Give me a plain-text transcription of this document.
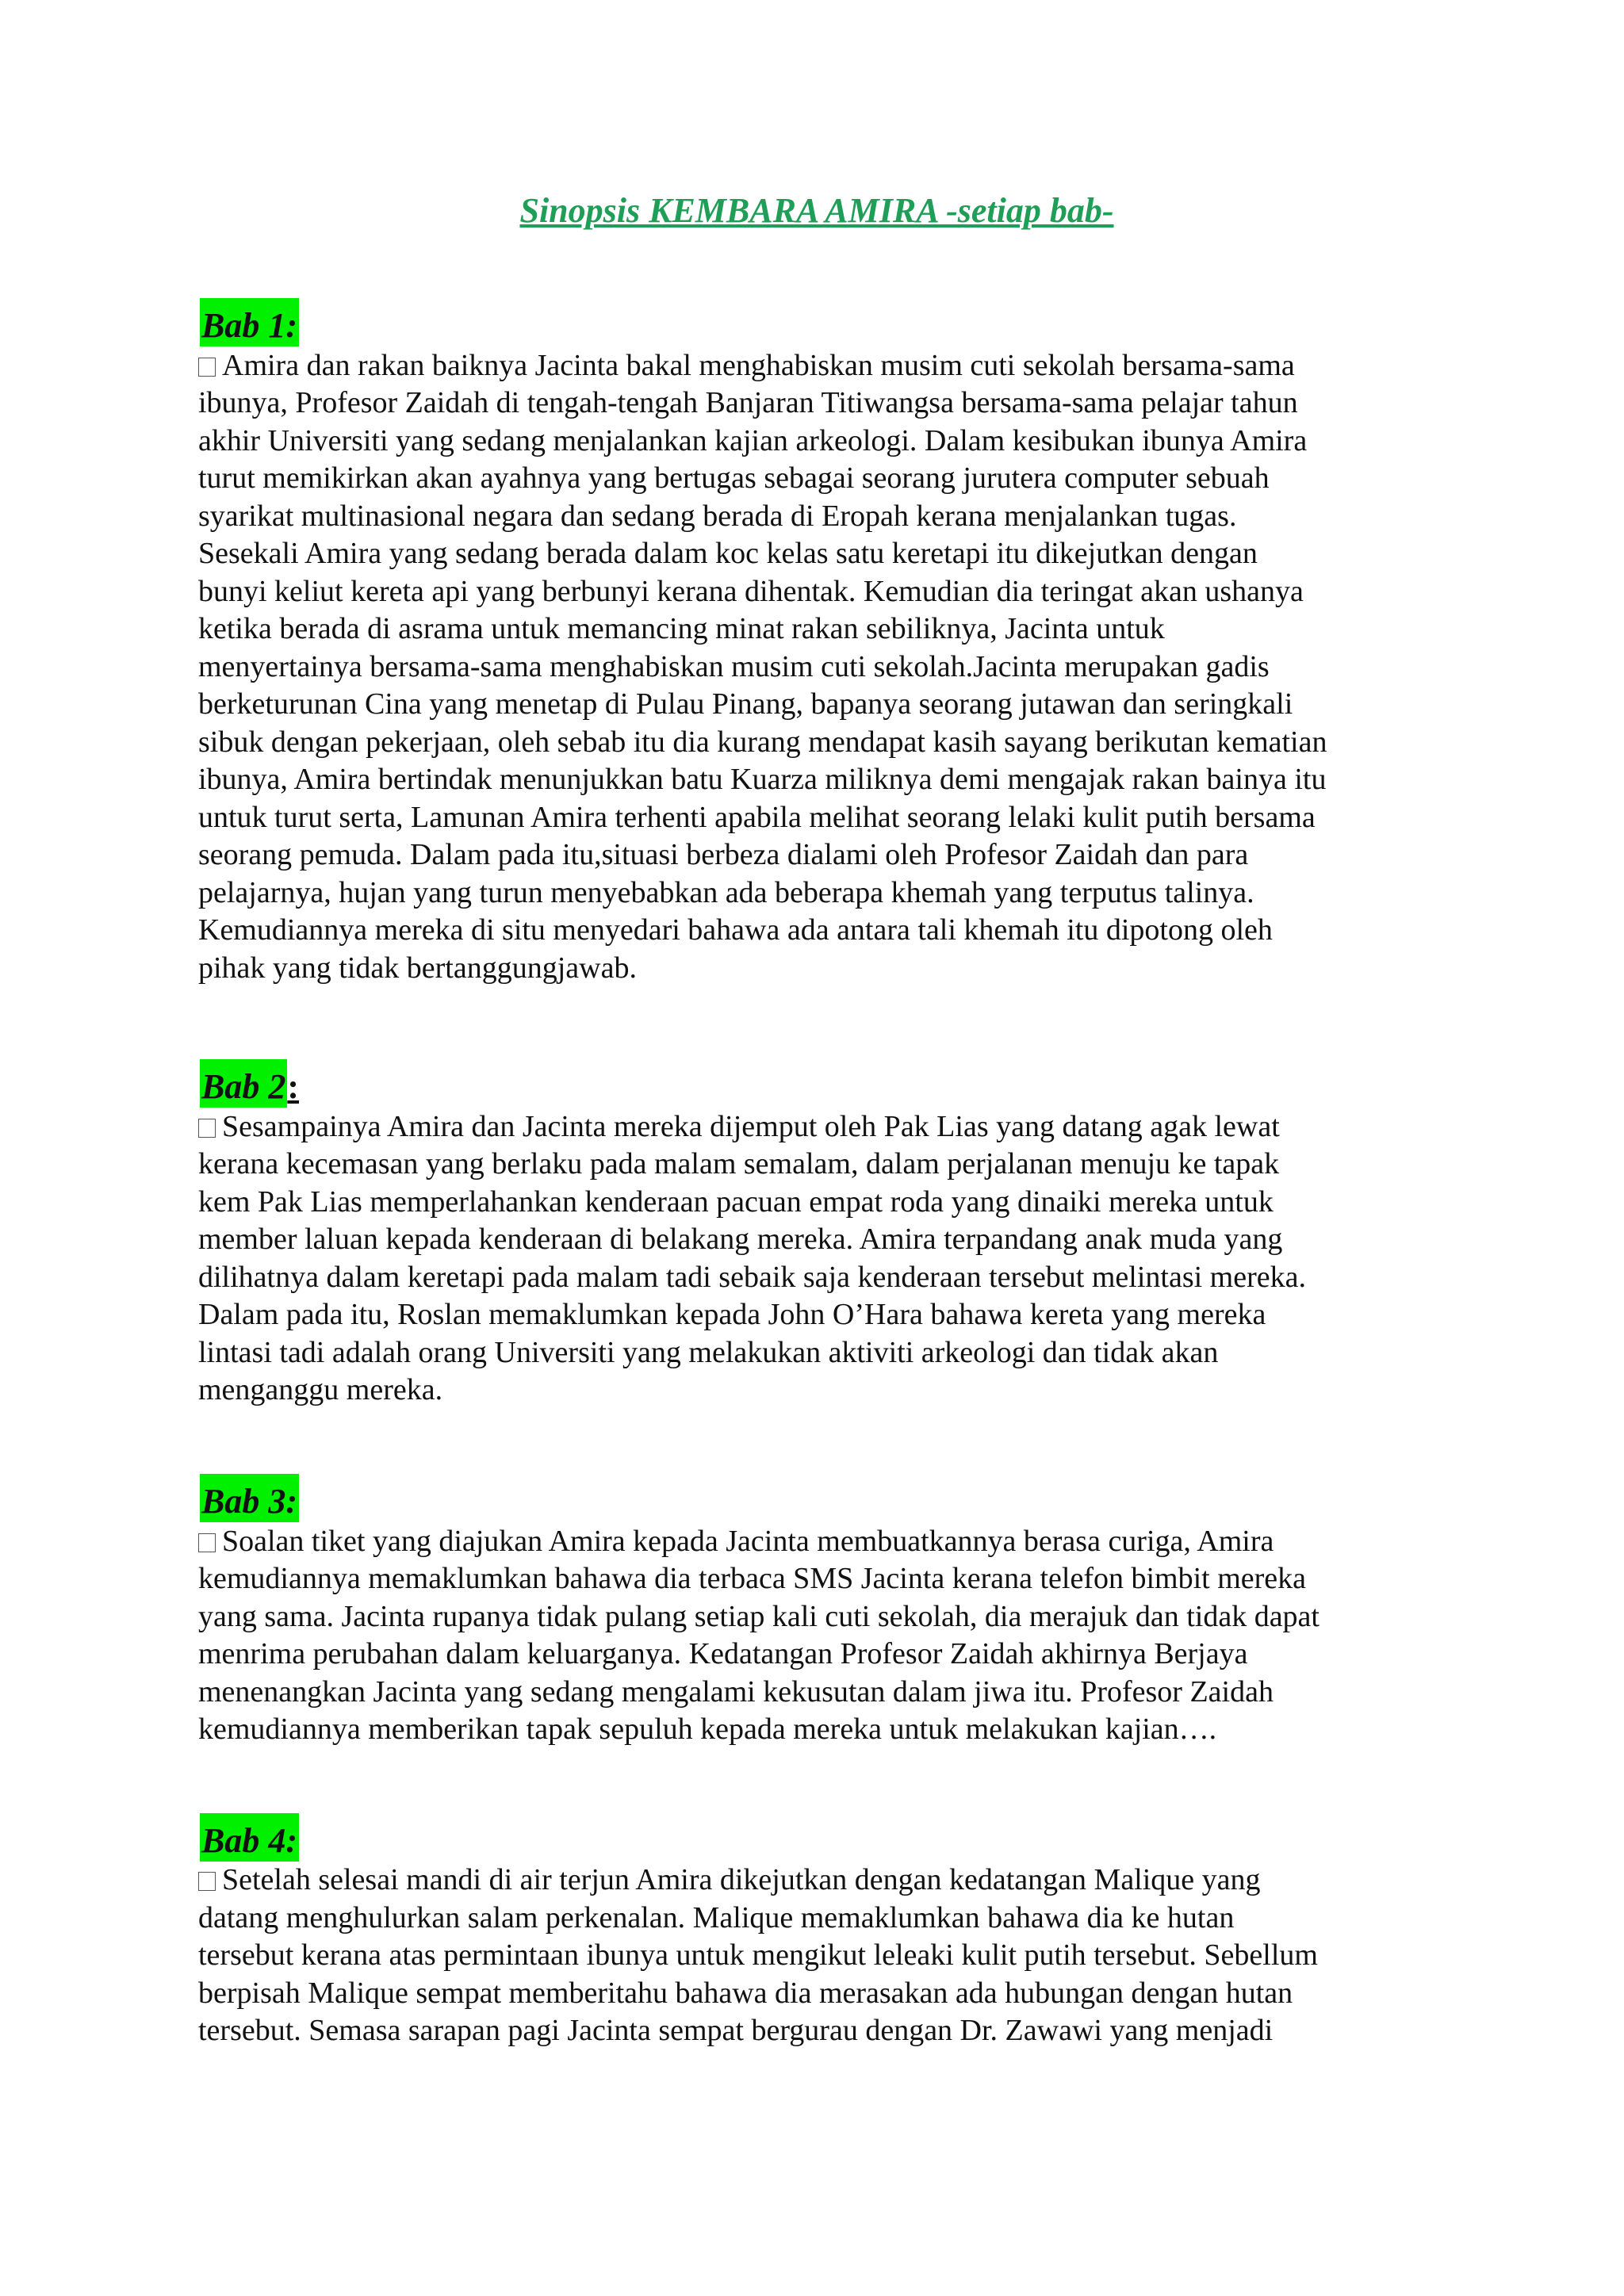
Sinopsis KEMBARA AMIRA -setiap bab-
Bab 1:
Amira dan rakan baiknya Jacinta bakal menghabiskan musim cuti sekolah bersama-sama
ibunya, Profesor Zaidah di tengah-tengah Banjaran Titiwangsa bersama-sama pelajar tahun
akhir Universiti yang sedang menjalankan kajian arkeologi. Dalam kesibukan ibunya Amira
turut memikirkan akan ayahnya yang bertugas sebagai seorang jurutera computer sebuah
syarikat multinasional negara dan sedang berada di Eropah kerana menjalankan tugas.
Sesekali Amira yang sedang berada dalam koc kelas satu keretapi itu dikejutkan dengan
bunyi keliut kereta api yang berbunyi kerana dihentak. Kemudian dia teringat akan ushanya
ketika berada di asrama untuk memancing minat rakan sebiliknya, Jacinta untuk
menyertainya bersama-sama menghabiskan musim cuti sekolah.Jacinta merupakan gadis
berketurunan Cina yang menetap di Pulau Pinang, bapanya seorang jutawan dan seringkali
sibuk dengan pekerjaan, oleh sebab itu dia kurang mendapat kasih sayang berikutan kematian
ibunya, Amira bertindak menunjukkan batu Kuarza miliknya demi mengajak rakan bainya itu
untuk turut serta, Lamunan Amira terhenti apabila melihat seorang lelaki kulit putih bersama
seorang pemuda. Dalam pada itu,situasi berbeza dialami oleh Profesor Zaidah dan para
pelajarnya, hujan yang turun menyebabkan ada beberapa khemah yang terputus talinya.
Kemudiannya mereka di situ menyedari bahawa ada antara tali khemah itu dipotong oleh
pihak yang tidak bertanggungjawab.
Bab 2:
Sesampainya Amira dan Jacinta mereka dijemput oleh Pak Lias yang datang agak lewat
kerana kecemasan yang berlaku pada malam semalam, dalam perjalanan menuju ke tapak
kem Pak Lias memperlahankan kenderaan pacuan empat roda yang dinaiki mereka untuk
member laluan kepada kenderaan di belakang mereka. Amira terpandang anak muda yang
dilihatnya dalam keretapi pada malam tadi sebaik saja kenderaan tersebut melintasi mereka.
Dalam pada itu, Roslan memaklumkan kepada John O’Hara bahawa kereta yang mereka
lintasi tadi adalah orang Universiti yang melakukan aktiviti arkeologi dan tidak akan
menganggu mereka.
Bab 3:
Soalan tiket yang diajukan Amira kepada Jacinta membuatkannya berasa curiga, Amira
kemudiannya memaklumkan bahawa dia terbaca SMS Jacinta kerana telefon bimbit mereka
yang sama. Jacinta rupanya tidak pulang setiap kali cuti sekolah, dia merajuk dan tidak dapat
menrima perubahan dalam keluarganya. Kedatangan Profesor Zaidah akhirnya Berjaya
menenangkan Jacinta yang sedang mengalami kekusutan dalam jiwa itu. Profesor Zaidah
kemudiannya memberikan tapak sepuluh kepada mereka untuk melakukan kajian….
Bab 4:
Setelah selesai mandi di air terjun Amira dikejutkan dengan kedatangan Malique yang
datang menghulurkan salam perkenalan. Malique memaklumkan bahawa dia ke hutan
tersebut kerana atas permintaan ibunya untuk mengikut leleaki kulit putih tersebut. Sebellum
berpisah Malique sempat memberitahu bahawa dia merasakan ada hubungan dengan hutan
tersebut. Semasa sarapan pagi Jacinta sempat bergurau dengan Dr. Zawawi yang menjadi
